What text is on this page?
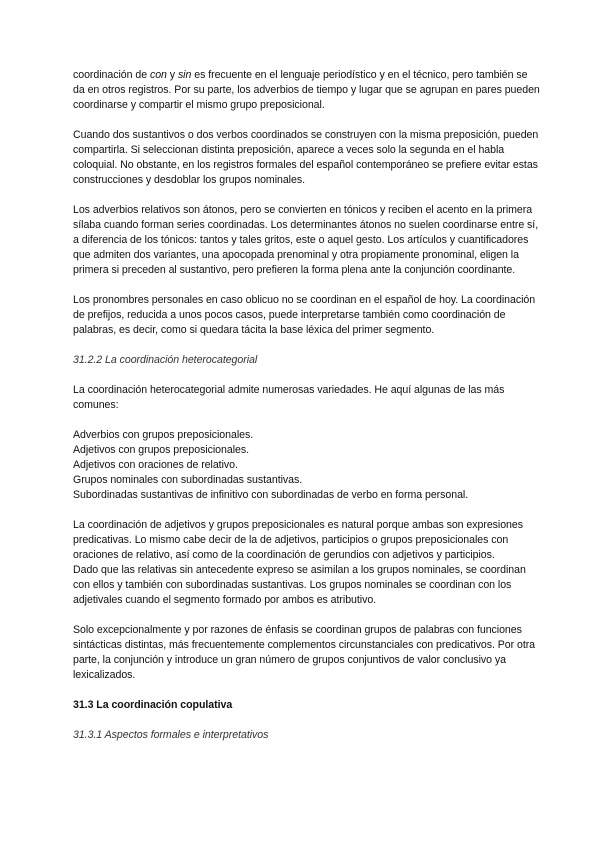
coordinación de con y sin es frecuente en el lenguaje periodístico y en el técnico, pero también se da en otros registros. Por su parte, los adverbios de tiempo y lugar que se agrupan en pares pueden coordinarse y compartir el mismo grupo preposicional.

Cuando dos sustantivos o dos verbos coordinados se construyen con la misma preposición, pueden compartirla. Si seleccionan distinta preposición, aparece a veces solo la segunda en el habla coloquial. No obstante, en los registros formales del español contemporáneo se prefiere evitar estas construcciones y desdoblar los grupos nominales.

Los adverbios relativos son átonos, pero se convierten en tónicos y reciben el acento en la primera sílaba cuando forman series coordinadas. Los determinantes átonos no suelen coordinarse entre sí, a diferencia de los tónicos: tantos y tales gritos, este o aquel gesto. Los artículos y cuantificadores que admiten dos variantes, una apocopada prenominal y otra propiamente pronominal, eligen la primera si preceden al sustantivo, pero prefieren la forma plena ante la conjunción coordinante.

Los pronombres personales en caso oblicuo no se coordinan en el español de hoy. La coordinación de prefijos, reducida a unos pocos casos, puede interpretarse también como coordinación de palabras, es decir, como si quedara tácita la base léxica del primer segmento.

31.2.2 La coordinación heterocategorial

La coordinación heterocategorial admite numerosas variedades. He aquí algunas de las más comunes:

Adverbios con grupos preposicionales.

Adjetivos con grupos preposicionales.

Adjetivos con oraciones de relativo.

Grupos nominales con subordinadas sustantivas.

Subordinadas sustantivas de infinitivo con subordinadas de verbo en forma personal.

La coordinación de adjetivos y grupos preposicionales es natural porque ambas son expresiones predicativas. Lo mismo cabe decir de la de adjetivos, participios o grupos preposicionales con oraciones de relativo, así como de la coordinación de gerundios con adjetivos y participios.

Dado que las relativas sin antecedente expreso se asimilan a los grupos nominales, se coordinan con ellos y también con subordinadas sustantivas. Los grupos nominales se coordinan con los adjetivales cuando el segmento formado por ambos es atributivo.

Solo excepcionalmente y por razones de énfasis se coordinan grupos de palabras con funciones sintácticas distintas, más frecuentemente complementos circunstanciales con predicativos. Por otra parte, la conjunción y introduce un gran número de grupos conjuntivos de valor conclusivo ya lexicalizados.

31.3 La coordinación copulativa

31.3.1 Aspectos formales e interpretativos
